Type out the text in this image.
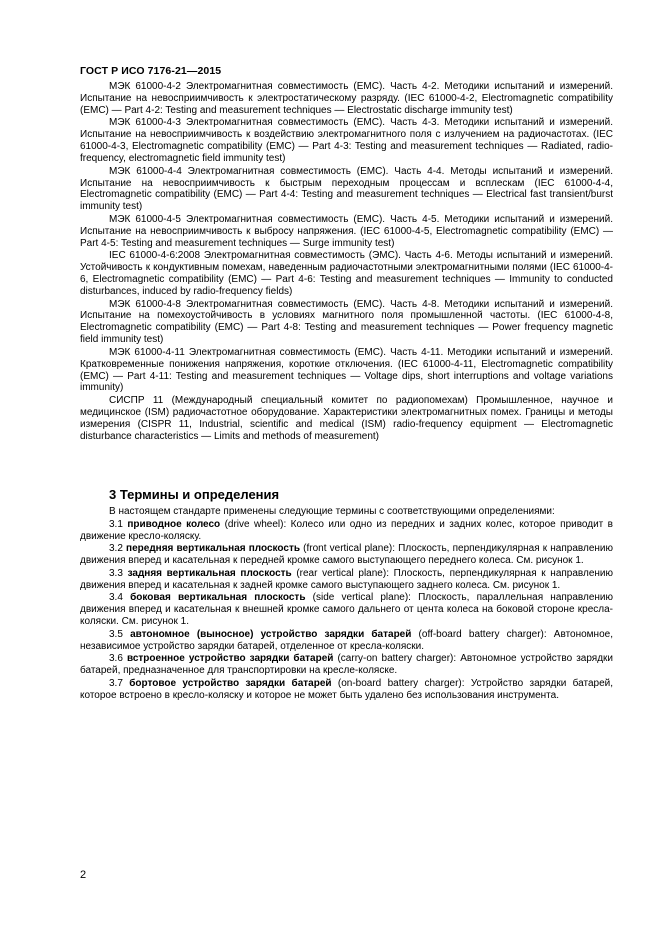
ГОСТ Р ИСО 7176-21—2015

МЭК 61000-4-2 Электромагнитная совместимость (ЕМС). Часть 4-2. Методики испытаний и измерений. Испытание на невосприимчивость к электростатическому разряду. (IEC 61000-4-2, Electromagnetic compatibility (EMC) — Part 4-2: Testing and measurement techniques — Electrostatic discharge immunity test)

МЭК 61000-4-3 Электромагнитная совместимость (ЕМС). Часть 4-3. Методики испытаний и измерений. Испытание на невосприимчивость к воздействию электромагнитного поля с излучением на радиочастотах. (IEC 61000-4-3, Electromagnetic compatibility (EMC) — Part 4-3: Testing and measurement techniques — Radiated, radio-frequency, electromagnetic field immunity test)

МЭК 61000-4-4 Электромагнитная совместимость (ЕМС). Часть 4-4. Методы испытаний и измерений. Испытание на невосприимчивость к быстрым переходным процессам и всплескам (IEC 61000-4-4, Electromagnetic compatibility (EMC) — Part 4-4: Testing and measurement techniques — Electrical fast transient/burst immunity test)

МЭК 61000-4-5 Электромагнитная совместимость (ЕМС). Часть 4-5. Методики испытаний и измерений. Испытание на невосприимчивость к выбросу напряжения. (IEC 61000-4-5, Electromagnetic compatibility (EMC) — Part 4-5: Testing and measurement techniques — Surge immunity test)

IEC 61000-4-6:2008 Электромагнитная совместимость (ЭМС). Часть 4-6. Методы испытаний и измерений. Устойчивость к кондуктивным помехам, наведенным радиочастотными электромагнитными полями (IEC 61000-4-6, Electromagnetic compatibility (EMC) — Part 4-6: Testing and measurement techniques — Immunity to conducted disturbances, induced by radio-frequency fields)

МЭК 61000-4-8 Электромагнитная совместимость (ЕМС). Часть 4-8. Методики испытаний и измерений. Испытание на помехоустойчивость в условиях магнитного поля промышленной частоты. (IEC 61000-4-8, Electromagnetic compatibility (EMC) — Part 4-8: Testing and measurement techniques — Power frequency magnetic field immunity test)

МЭК 61000-4-11 Электромагнитная совместимость (ЕМС). Часть 4-11. Методики испытаний и измерений. Кратковременные понижения напряжения, короткие отключения. (IEC 61000-4-11, Electromagnetic compatibility (EMC) — Part 4-11: Testing and measurement techniques — Voltage dips, short interruptions and voltage variations immunity)

СИСПР 11 (Международный специальный комитет по радиопомехам) Промышленное, научное и медицинское (ISM) радиочастотное оборудование. Характеристики электромагнитных помех. Границы и методы измерения (CISPR 11, Industrial, scientific and medical (ISM) radio-frequency equipment — Electromagnetic disturbance characteristics — Limits and methods of measurement)

3 Термины и определения

В настоящем стандарте применены следующие термины с соответствующими определениями:

3.1 приводное колесо (drive wheel): Колесо или одно из передних и задних колес, которое приводит в движение кресло-коляску.

3.2 передняя вертикальная плоскость (front vertical plane): Плоскость, перпендикулярная к направлению движения вперед и касательная к передней кромке самого выступающего переднего колеса. См. рисунок 1.

3.3 задняя вертикальная плоскость (rear vertical plane): Плоскость, перпендикулярная к направлению движения вперед и касательная к задней кромке самого выступающего заднего колеса. См. рисунок 1.

3.4 боковая вертикальная плоскость (side vertical plane): Плоскость, параллельная направлению движения вперед и касательная к внешней кромке самого дальнего от цента колеса на боковой стороне кресла-коляски. См. рисунок 1.

3.5 автономное (выносное) устройство зарядки батарей (off-board battery charger): Автономное, независимое устройство зарядки батарей, отделенное от кресла-коляски.

3.6 встроенное устройство зарядки батарей (carry-on battery charger): Автономное устройство зарядки батарей, предназначенное для транспортировки на кресле-коляске.

3.7 бортовое устройство зарядки батарей (on-board battery charger): Устройство зарядки батарей, которое встроено в кресло-коляску и которое не может быть удалено без использования инструмента.

2
